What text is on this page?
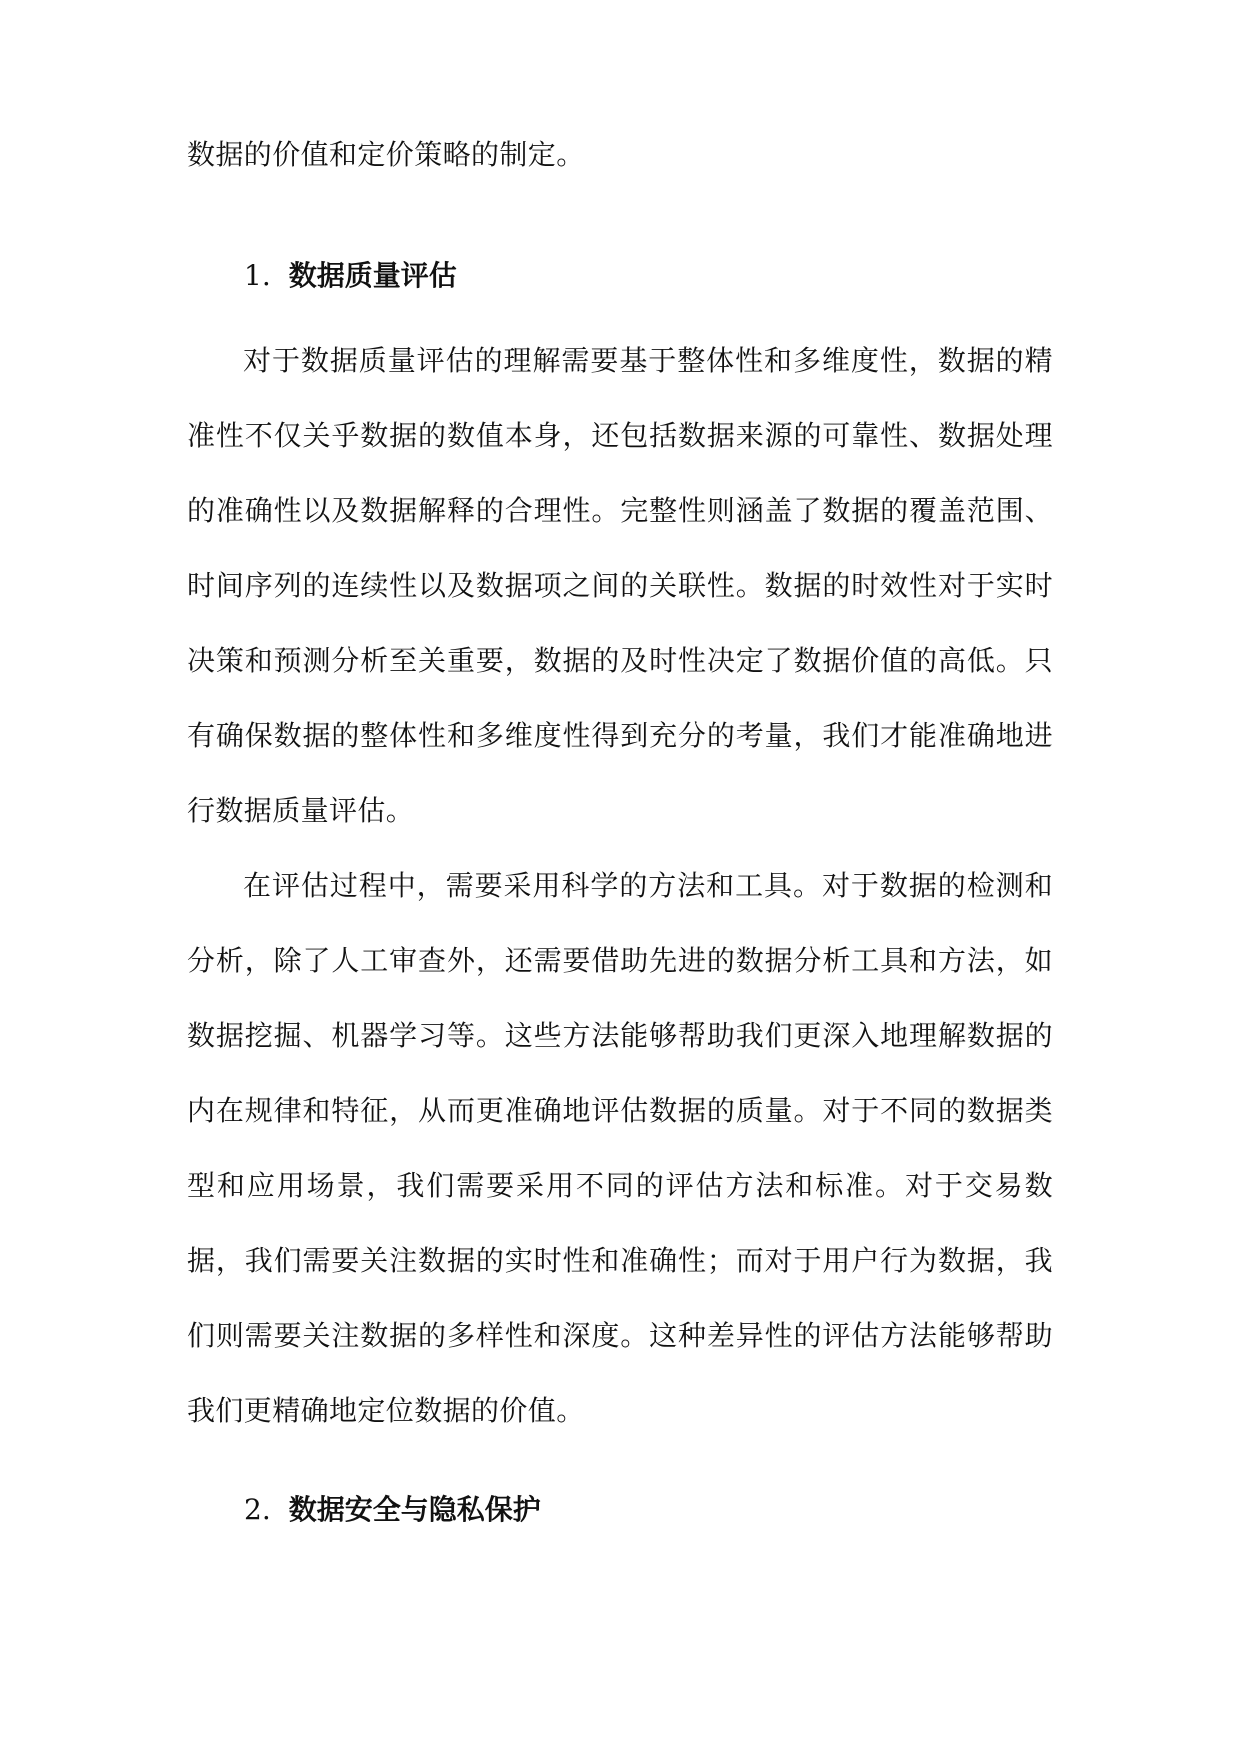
数据的价值和定价策略的制定。

1. 数据质量评估

对于数据质量评估的理解需要基于整体性和多维度性，数据的精准性不仅关乎数据的数值本身，还包括数据来源的可靠性、数据处理的准确性以及数据解释的合理性。完整性则涵盖了数据的覆盖范围、时间序列的连续性以及数据项之间的关联性。数据的时效性对于实时决策和预测分析至关重要，数据的及时性决定了数据价值的高低。只有确保数据的整体性和多维度性得到充分的考量，我们才能准确地进行数据质量评估。

在评估过程中，需要采用科学的方法和工具。对于数据的检测和分析，除了人工审查外，还需要借助先进的数据分析工具和方法，如数据挖掘、机器学习等。这些方法能够帮助我们更深入地理解数据的内在规律和特征，从而更准确地评估数据的质量。对于不同的数据类型和应用场景，我们需要采用不同的评估方法和标准。对于交易数据，我们需要关注数据的实时性和准确性；而对于用户行为数据，我们则需要关注数据的多样性和深度。这种差异性的评估方法能够帮助我们更精确地定位数据的价值。

2. 数据安全与隐私保护
